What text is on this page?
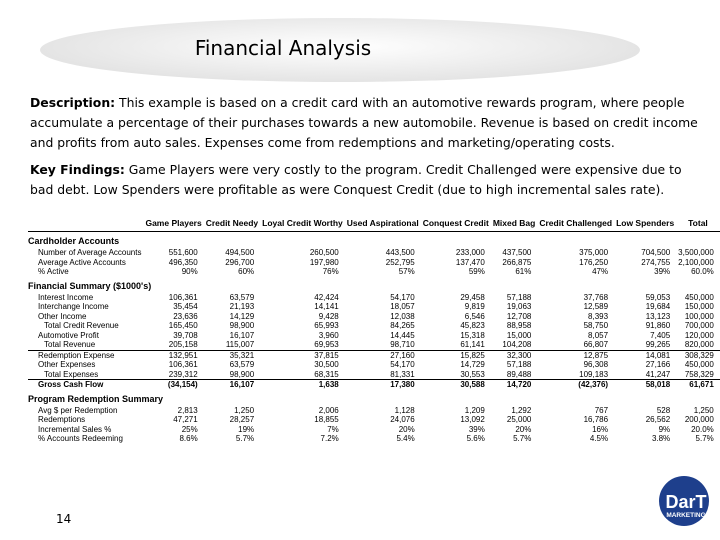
Financial Analysis
Description: This example is based on a credit card with an automotive rewards program, where people accumulate a percentage of their purchases towards a new automobile. Revenue is based on credit income and profits from auto sales. Expenses come from redemptions and marketing/operating costs.
Key Findings: Game Players were very costly to the program. Credit Challenged were expensive due to bad debt. Low Spenders were profitable as were Conquest Credit (due to high incremental sales rate).
	Game Players	Credit Needy	Loyal Credit Worthy	Used Aspirational	Conquest Credit	Mixed Bag	Credit Challenged	Low Spenders	Total
Cardholder Accounts									
Number of Average Accounts	551,600	494,500	260,500	443,500	233,000	437,500	375,000	704,500	3,500,000
Average Active Accounts	496,350	296,700	197,980	252,795	137,470	266,875	176,250	274,755	2,100,000
% Active	90%	60%	76%	57%	59%	61%	47%	39%	60.0%
Financial Summary ($1000's)									
Interest Income	106,361	63,579	42,424	54,170	29,458	57,188	37,768	59,053	450,000
Interchange Income	35,454	21,193	14,141	18,057	9,819	19,063	12,589	19,684	150,000
Other Income	23,636	14,129	9,428	12,038	6,546	12,708	8,393	13,123	100,000
Total Credit Revenue	165,450	98,900	65,993	84,265	45,823	88,958	58,750	91,860	700,000
Automotive Profit	39,708	16,107	3,960	14,445	15,318	15,000	8,057	7,405	120,000
Total Revenue	205,158	115,007	69,953	98,710	61,141	104,208	66,807	99,265	820,000
Redemption Expense	132,951	35,321	37,815	27,160	15,825	32,300	12,875	14,081	308,329
Other Expenses	106,361	63,579	30,500	54,170	14,729	57,188	96,308	27,166	450,000
Total Expenses	239,312	98,900	68,315	81,331	30,553	89,488	109,183	41,247	758,329
Gross Cash Flow	(34,154)	16,107	1,638	17,380	30,588	14,720	(42,376)	58,018	61,671
Program Redemption Summary									
Avg $ per Redemption	2,813	1,250	2,006	1,128	1,209	1,292	767	528	1,250
Redemptions	47,271	28,257	18,855	24,076	13,092	25,000	16,786	26,562	200,000
Incremental Sales %	25%	19%	7%	20%	39%	20%	16%	9%	20.0%
% Accounts Redeeming	8.6%	5.7%	7.2%	5.4%	5.6%	5.7%	4.5%	3.8%	5.7%
14
DarT
MARKETING
